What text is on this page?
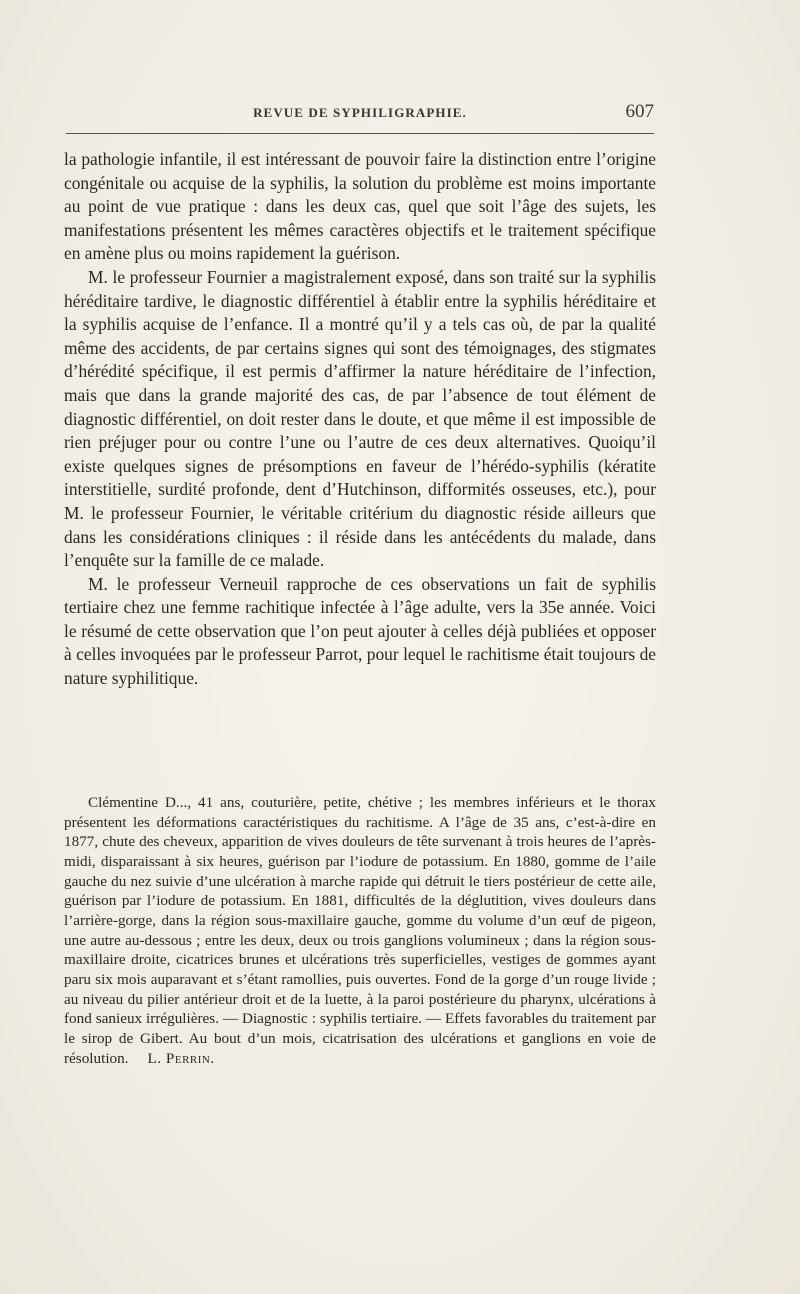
REVUE DE SYPHILIGRAPHIE.	607

la pathologie infantile, il est intéressant de pouvoir faire la distinction entre l’origine congénitale ou acquise de la syphilis, la solution du problème est moins importante au point de vue pratique : dans les deux cas, quel que soit l’âge des sujets, les manifestations présentent les mêmes caractères objectifs et le traitement spécifique en amène plus ou moins rapidement la guérison.

M. le professeur Fournier a magistralement exposé, dans son traité sur la syphilis héréditaire tardive, le diagnostic différentiel à établir entre la syphilis héréditaire et la syphilis acquise de l’enfance. Il a montré qu’il y a tels cas où, de par la qualité même des accidents, de par certains signes qui sont des témoignages, des stigmates d’hérédité spécifique, il est permis d’affirmer la nature héréditaire de l’infection, mais que dans la grande majorité des cas, de par l’absence de tout élément de diagnostic différentiel, on doit rester dans le doute, et que même il est impossible de rien préjuger pour ou contre l’une ou l’autre de ces deux alternatives. Quoiqu’il existe quelques signes de présomptions en faveur de l’hérédo-syphilis (kératite interstitielle, surdité profonde, dent d’Hutchinson, difformités osseuses, etc.), pour M. le professeur Fournier, le véritable critérium du diagnostic réside ailleurs que dans les considérations cliniques : il réside dans les antécédents du malade, dans l’enquête sur la famille de ce malade.

M. le professeur Verneuil rapproche de ces observations un fait de syphilis tertiaire chez une femme rachitique infectée à l’âge adulte, vers la 35e année. Voici le résumé de cette observation que l’on peut ajouter à celles déjà publiées et opposer à celles invoquées par le professeur Parrot, pour lequel le rachitisme était toujours de nature syphilitique.

Clémentine D..., 41 ans, couturière, petite, chétive ; les membres inférieurs et le thorax présentent les déformations caractéristiques du rachitisme. A l’âge de 35 ans, c’est-à-dire en 1877, chute des cheveux, apparition de vives douleurs de tête survenant à trois heures de l’après-midi, disparaissant à six heures, guérison par l’iodure de potassium. En 1880, gomme de l’aile gauche du nez suivie d’une ulcération à marche rapide qui détruit le tiers postérieur de cette aile, guérison par l’iodure de potassium. En 1881, difficultés de la déglutition, vives douleurs dans l’arrière-gorge, dans la région sous-maxillaire gauche, gomme du volume d’un œuf de pigeon, une autre au-dessous ; entre les deux, deux ou trois ganglions volumineux ; dans la région sous-maxillaire droite, cicatrices brunes et ulcérations très superficielles, vestiges de gommes ayant paru six mois auparavant et s’étant ramollies, puis ouvertes. Fond de la gorge d’un rouge livide ; au niveau du pilier antérieur droit et de la luette, à la paroi postérieure du pharynx, ulcérations à fond sanieux irrégulières. — Diagnostic : syphilis tertiaire. — Effets favorables du traitement par le sirop de Gibert. Au bout d’un mois, cicatrisation des ulcérations et ganglions en voie de résolution. L. Perrin.
